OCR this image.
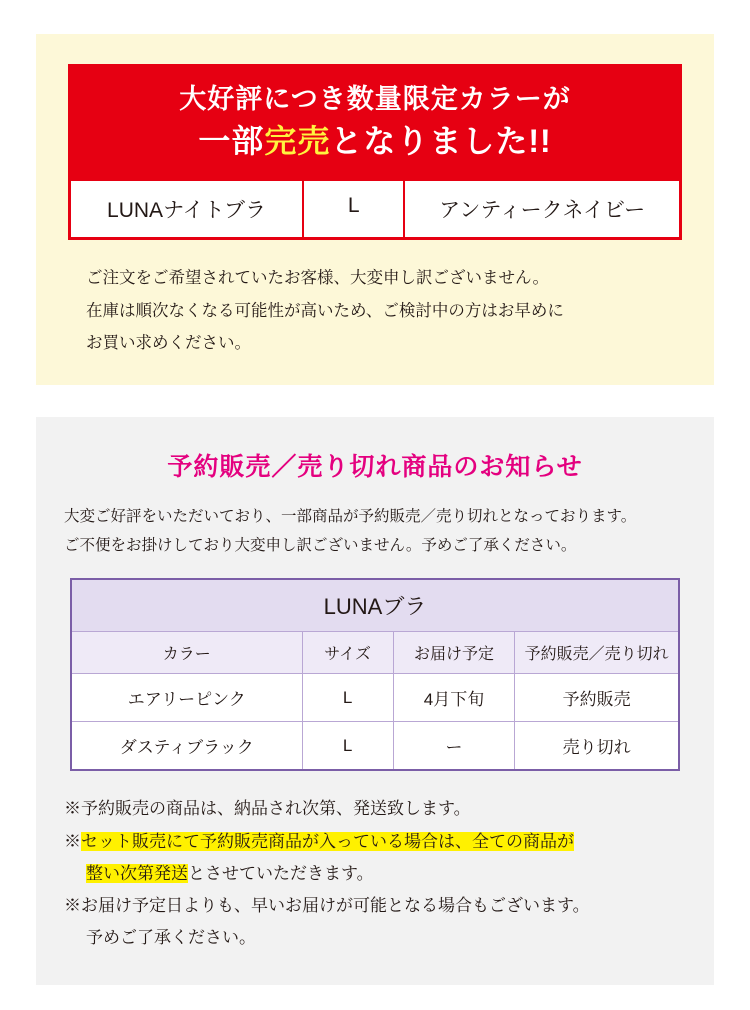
大好評につき数量限定カラーが
一部完売となりました!!
LUNAナイトブラ	L	アンティークネイビー
ご注文をご希望されていたお客様、大変申し訳ございません。
在庫は順次なくなる可能性が高いため、ご検討中の方はお早めに
お買い求めください。
予約販売／売り切れ商品のお知らせ
大変ご好評をいただいており、一部商品が予約販売／売り切れとなっております。
ご不便をお掛けしており大変申し訳ございません。予めご了承ください。
LUNAブラ			
カラー	サイズ	お届け予定	予約販売／売り切れ
エアリーピンク	L	4月下旬	予約販売
ダスティブラック	L	ー	売り切れ
※予約販売の商品は、納品され次第、発送致します。
※セット販売にて予約販売商品が入っている場合は、全ての商品が

整い次第発送とさせていただきます。
※お届け予定日よりも、早いお届けが可能となる場合もございます。

予めご了承ください。
